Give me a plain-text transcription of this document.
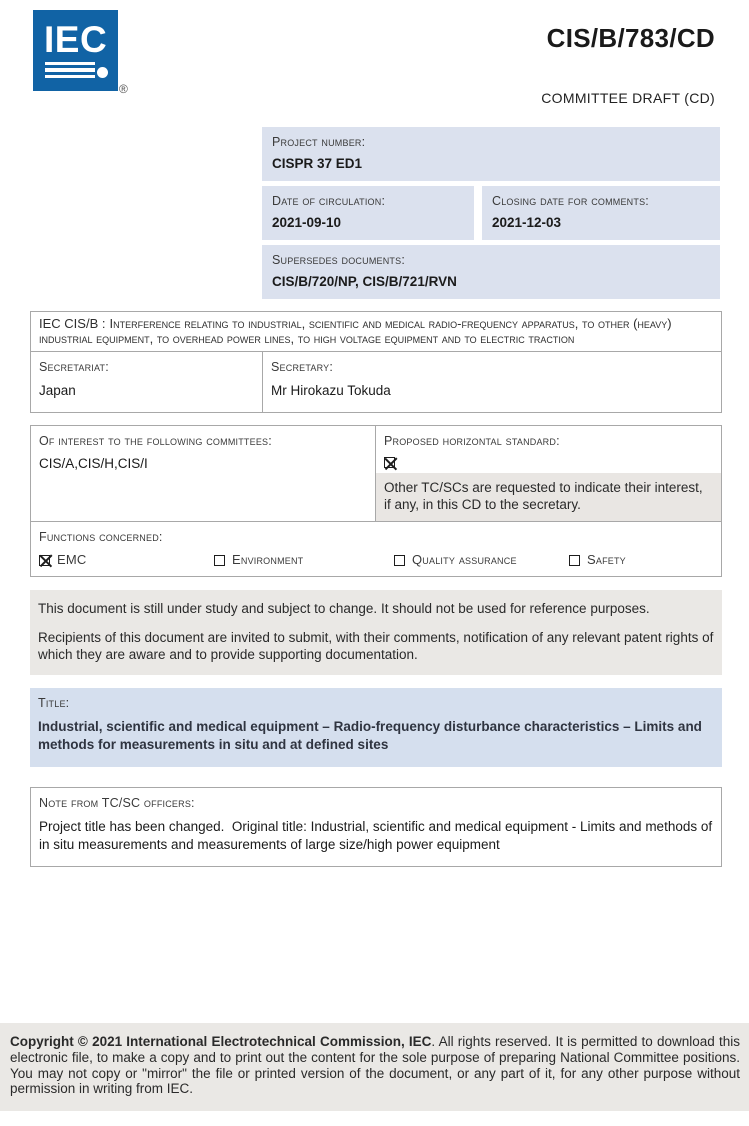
IEC
®
CIS/B/783/CD
COMMITTEE DRAFT (CD)
Project number:
CISPR 37 ED1
Date of circulation:
2021-09-10
Closing date for comments:
2021-12-03
Supersedes documents:
CIS/B/720/NP, CIS/B/721/RVN
IEC CIS/B : Interference relating to industrial, scientific and medical radio-frequency apparatus, to other (heavy) industrial equipment, to overhead power lines, to high voltage equipment and to electric traction
Secretariat:
Japan
Secretary:
Mr Hirokazu Tokuda
Of interest to the following committees:
CIS/A,CIS/H,CIS/I
Proposed horizontal standard:
Other TC/SCs are requested to indicate their interest, if any, in this CD to the secretary.
Functions concerned:
EMC	Environment	Quality assurance	Safety

This document is still under study and subject to change. It should not be used for reference purposes.

Recipients of this document are invited to submit, with their comments, notification of any relevant patent rights of which they are aware and to provide supporting documentation.

Title:
Industrial, scientific and medical equipment – Radio-frequency disturbance characteristics – Limits and methods for measurements in situ and at defined sites
Note from TC/SC officers:
Project title has been changed.  Original title: Industrial, scientific and medical equipment - Limits and methods of in situ measurements and measurements of large size/high power equipment
Copyright © 2021 International Electrotechnical Commission, IEC. All rights reserved. It is permitted to download this electronic file, to make a copy and to print out the content for the sole purpose of preparing National Committee positions. You may not copy or "mirror" the file or printed version of the document, or any part of it, for any other purpose without permission in writing from IEC.
